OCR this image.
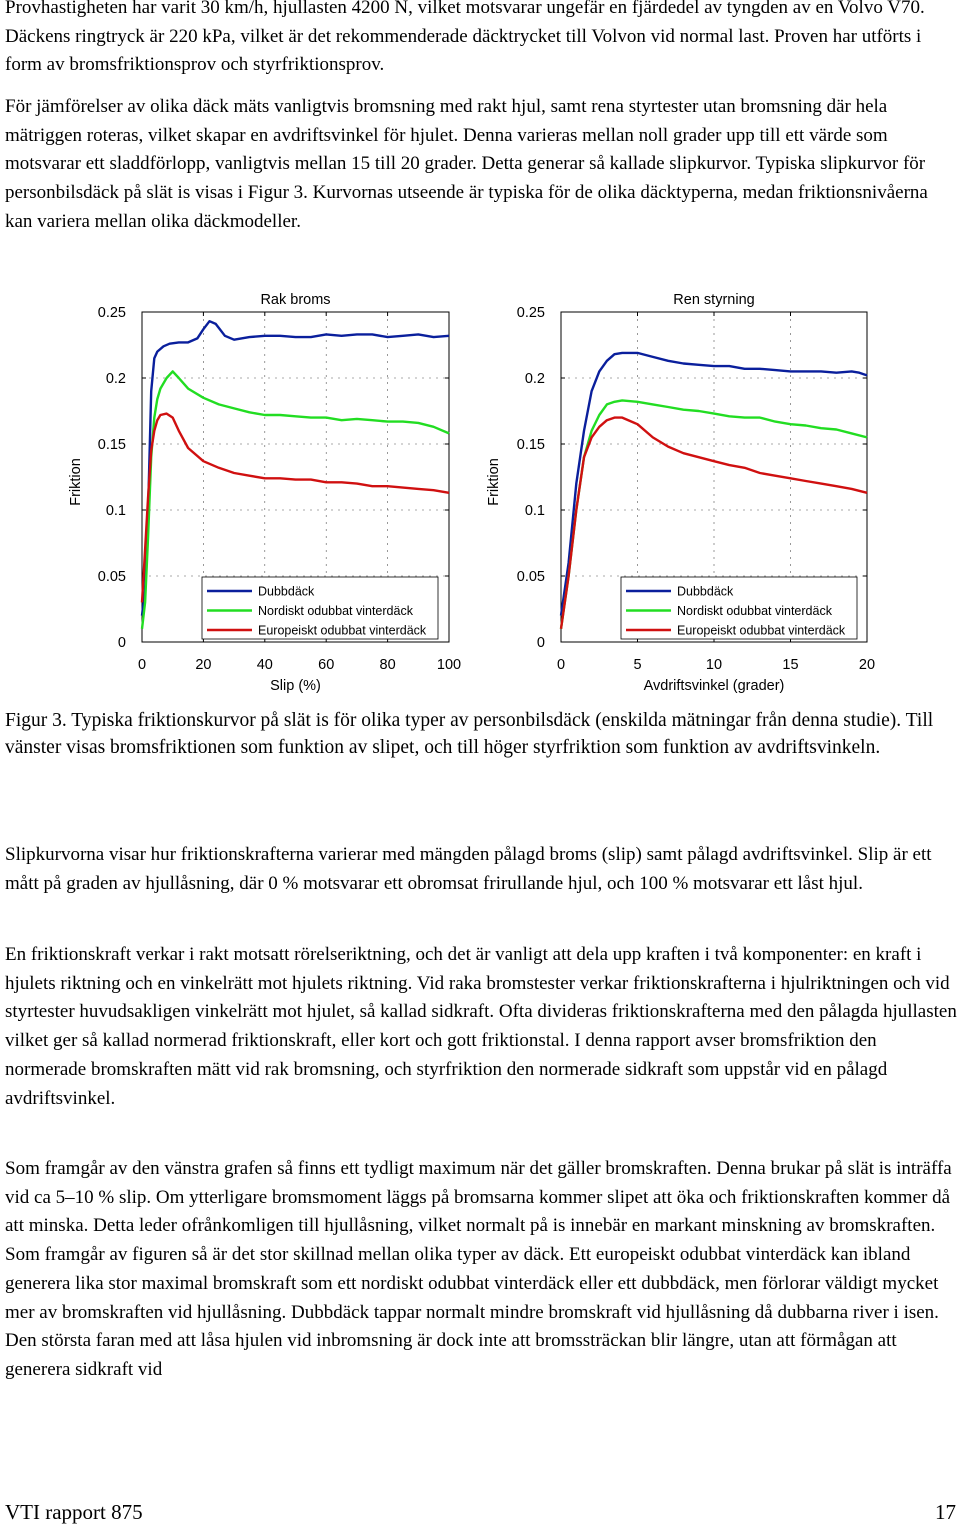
Provhastigheten har varit 30 km/h, hjullasten 4200 N, vilket motsvarar ungefär en fjärdedel av tyngden av en Volvo V70. Däckens ringtryck är 220 kPa, vilket är det rekommenderade däcktrycket till Volvon vid normal last. Proven har utförts i form av bromsfriktionsprov och styrfriktionsprov.

För jämförelser av olika däck mäts vanligtvis bromsning med rakt hjul, samt rena styrtester utan bromsning där hela mätriggen roteras, vilket skapar en avdriftsvinkel för hjulet. Denna varieras mellan noll grader upp till ett värde som motsvarar ett sladdförlopp, vanligtvis mellan 15 till 20 grader. Detta generar så kallade slipkurvor. Typiska slipkurvor för personbilsdäck på slät is visas i Figur 3. Kurvornas utseende är typiska för de olika däcktyperna, medan friktionsnivåerna kan variera mellan olika däckmodeller.

0	20	40	60	80	100
0
0.05
0.1
0.15
0.2
0.25
Rak broms
Slip (%)
Friktion
Dubbdäck
Nordiskt odubbat vinterdäck
Europeiskt odubbat vinterdäck
0	5	10	15	20
0
0.05
0.1
0.15
0.2
0.25
Ren styrning
Avdriftsvinkel (grader)
Friktion
Dubbdäck
Nordiskt odubbat vinterdäck
Europeiskt odubbat vinterdäck

Figur 3. Typiska friktionskurvor på slät is för olika typer av personbilsdäck (enskilda mätningar från denna studie). Till vänster visas bromsfriktionen som funktion av slipet, och till höger styrfriktion som funktion av avdriftsvinkeln.

Slipkurvorna visar hur friktionskrafterna varierar med mängden pålagd broms (slip) samt pålagd avdriftsvinkel. Slip är ett mått på graden av hjullåsning, där 0 % motsvarar ett obromsat frirullande hjul, och 100 % motsvarar ett låst hjul.

En friktionskraft verkar i rakt motsatt rörelseriktning, och det är vanligt att dela upp kraften i två komponenter: en kraft i hjulets riktning och en vinkelrätt mot hjulets riktning. Vid raka bromstester verkar friktionskrafterna i hjulriktningen och vid styrtester huvudsakligen vinkelrätt mot hjulet, så kallad sidkraft. Ofta divideras friktionskrafterna med den pålagda hjullasten vilket ger så kallad normerad friktionskraft, eller kort och gott friktionstal. I denna rapport avser bromsfriktion den normerade bromskraften mätt vid rak bromsning, och styrfriktion den normerade sidkraft som uppstår vid en pålagd avdriftsvinkel.

Som framgår av den vänstra grafen så finns ett tydligt maximum när det gäller bromskraften. Denna brukar på slät is inträffa vid ca 5–10 % slip. Om ytterligare bromsmoment läggs på bromsarna kommer slipet att öka och friktionskraften kommer då att minska. Detta leder ofrånkomligen till hjullåsning, vilket normalt på is innebär en markant minskning av bromskraften. Som framgår av figuren så är det stor skillnad mellan olika typer av däck. Ett europeiskt odubbat vinterdäck kan ibland generera lika stor maximal bromskraft som ett nordiskt odubbat vinterdäck eller ett dubbdäck, men förlorar väldigt mycket mer av bromskraften vid hjullåsning. Dubbdäck tappar normalt mindre bromskraft vid hjullåsning då dubbarna river i isen. Den största faran med att låsa hjulen vid inbromsning är dock inte att bromssträckan blir längre, utan att förmågan att generera sidkraft vid

VTI rapport 875	17
